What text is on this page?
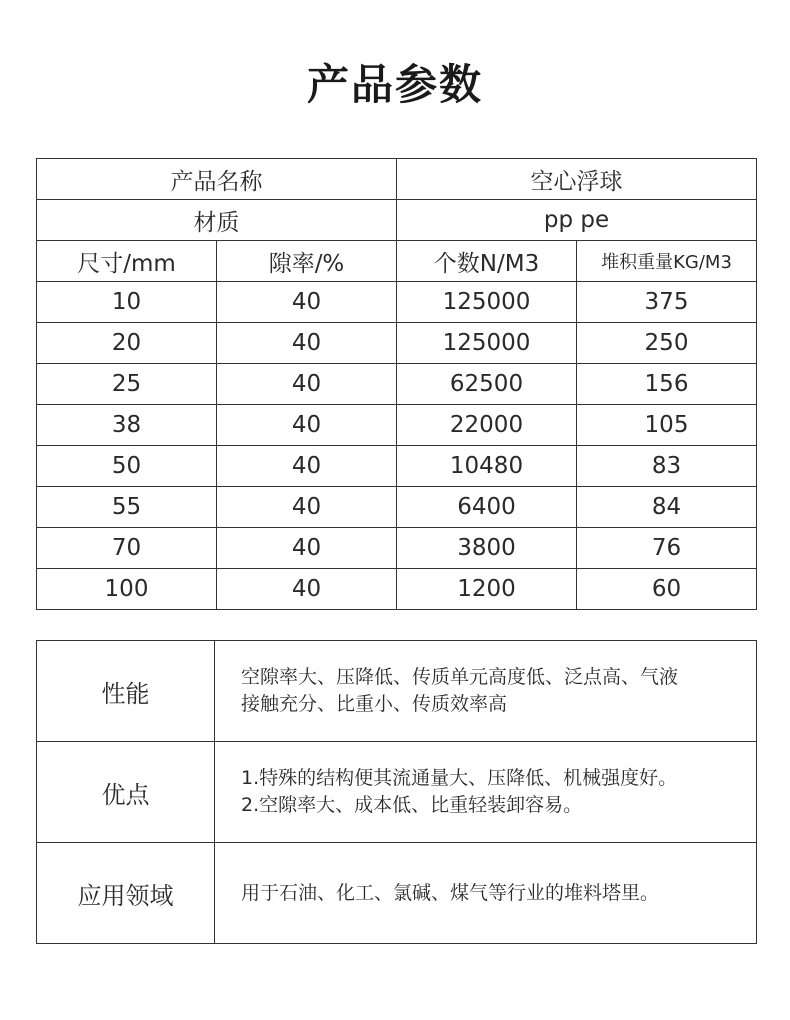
产品参数
产品名称		空心浮球	
材质		pp pe	
尺寸/mm	隙率/%	个数N/M3	堆积重量KG/M3
10	40	125000	375
20	40	125000	250
25	40	62500	156
38	40	22000	105
50	40	10480	83
55	40	6400	84
70	40	3800	76
100	40	1200	60
性能	空隙率大、压降低、传质单元高度低、泛点高、气液
接触充分、比重小、传质效率高

优点	1.特殊的结构便其流通量大、压降低、机械强度好。
2.空隙率大、成本低、比重轻装卸容易。

应用领域	用于石油、化工、氯碱、煤气等行业的堆料塔里。
